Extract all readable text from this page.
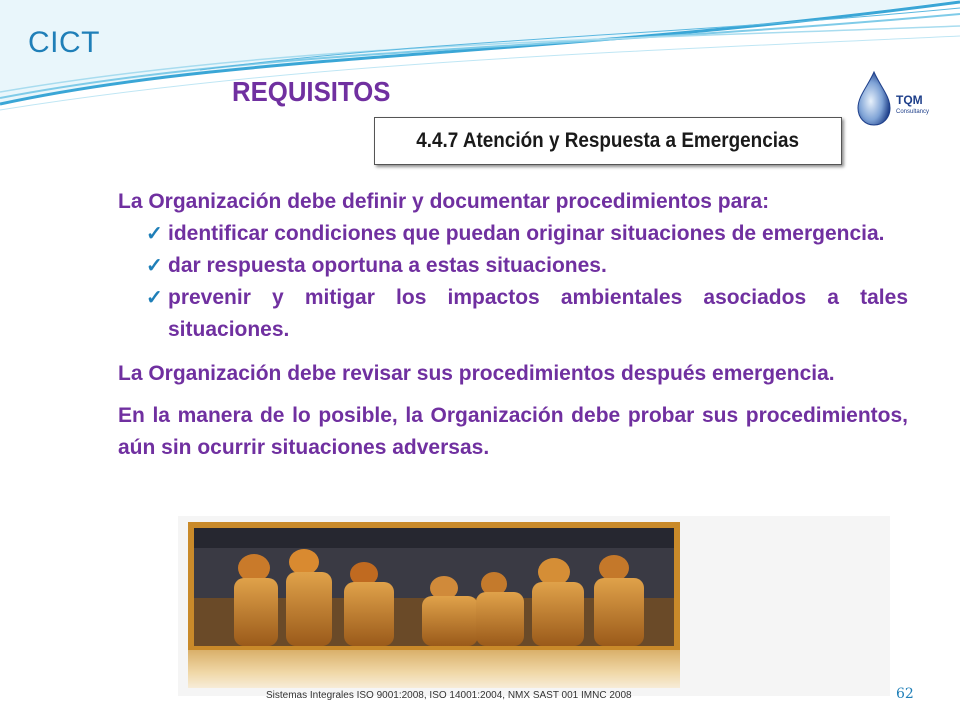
CICT
REQUISITOS	TQM
Consultancy
4.4.7 Atención y Respuesta a Emergencias

La Organización debe definir y documentar procedimientos para:

✓ identificar condiciones que puedan originar situaciones de emergencia.
✓ dar respuesta oportuna a estas situaciones.
✓ prevenir y mitigar los impactos ambientales asociados a tales situaciones.

La Organización debe revisar sus procedimientos después emergencia.

En la manera de lo posible, la Organización debe probar sus procedimientos, aún sin ocurrir situaciones adversas.

Sistemas Integrales ISO 9001:2008, ISO 14001:2004, NMX SAST 001 IMNC 2008	62
